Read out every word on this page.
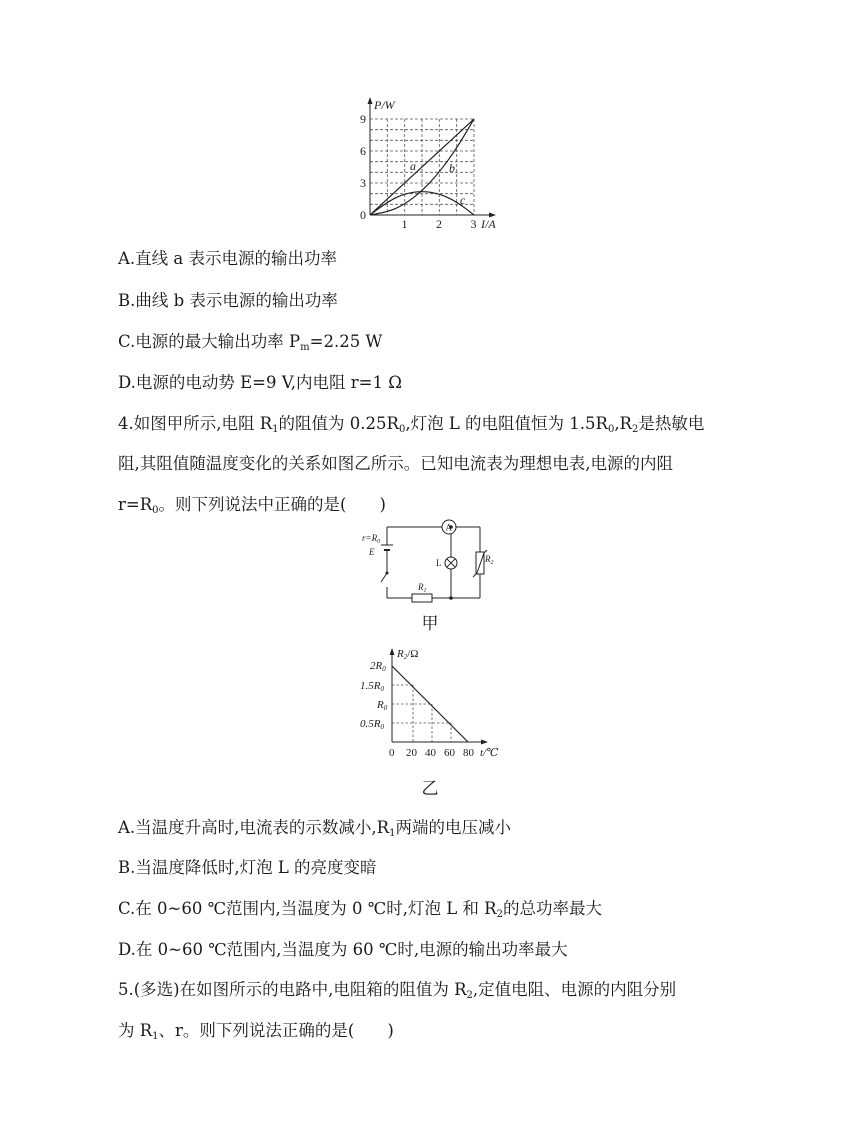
P/W
I/A
9
6
3
0
1 2 3
a	b
c
A.直线 a 表示电源的输出功率
B.曲线 b 表示电源的输出功率
C.电源的最大输出功率 $P_m=2.25$ W
D.电源的电动势 E=9 V,内电阻 r=1 Ω
4.如图甲所示,电阻 $R_1$的阻值为 $0.25R_0$,灯泡 L 的电阻值恒为 $1.5R_0,R_2$是热敏电
阻,其阻值随温度变化的关系如图乙所示。已知电流表为理想电表,电源的内阻
$r=R_0$。则下列说法中正确的是(　　)
A
$r=R_0$
E
L	$R_2$
$R_1$
甲
R2/Ω
2R0
1.5R0
R0
0.5R0
0 20 40 60 80 t/℃
乙
A.当温度升高时,电流表的示数减小$,R_1$两端的电压减小
B.当温度降低时,灯泡 L 的亮度变暗
C.在 0~60 ℃范围内,当温度为 0 ℃时,灯泡 L 和 $R_2$的总功率最大
D.在 0~60 ℃范围内,当温度为 60 ℃时,电源的输出功率最大
5.(多选)在如图所示的电路中,电阻箱的阻值为 $R_2$,定值电阻、电源的内阻分别
为 $R_1$、r。则下列说法正确的是(　　)
